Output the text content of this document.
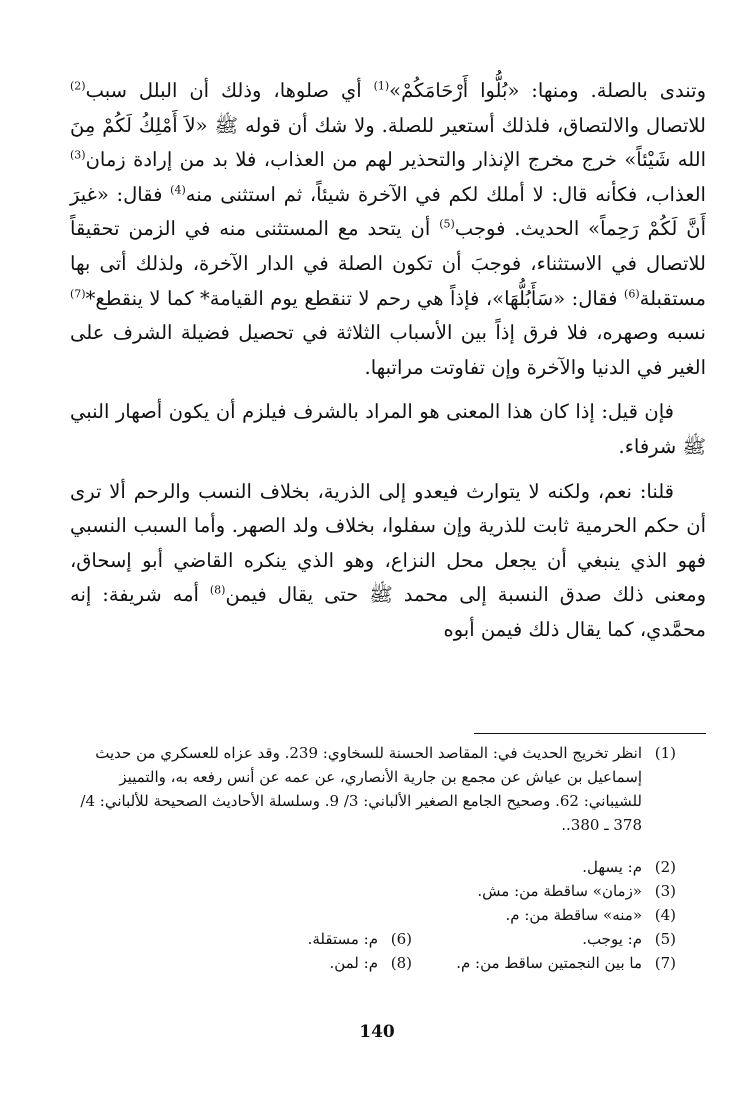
وتندى بالصلة. ومنها: «بُلُّوا أَرْحَامَكُمْ»$^{(1)}$ أي صلوها، وذلك أن البلل سبب$^{(2)}$ للاتصال والالتصاق، فلذلك أستعير للصلة. ولا شك أن قوله ﷺ «لاَ أَمْلِكُ لَكُمْ مِنَ الله شَيْئاً» خرج مخرج الإنذار والتحذير لهم من العذاب، فلا بد من إرادة زمان$^{(3)}$ العذاب، فكأنه قال: لا أملك لكم في الآخرة شيئاً، ثم استثنى منه$^{(4)}$ فقال: «غيرَ أَنَّ لَكُمْ رَحِماً» الحديث. فوجب$^{(5)}$ أن يتحد مع المستثنى منه في الزمن تحقيقاً للاتصال في الاستثناء، فوجبَ أن تكون الصلة في الدار الآخرة، ولذلك أتى بها مستقبلة$^{(6)}$ فقال: «سَأَبُلُّهَا»، فإذاً هي رحم لا تنقطع يوم القيامة* كما لا ينقطع*$^{(7)}$ نسبه وصهره، فلا فرق إذاً بين الأسباب الثلاثة في تحصيل فضيلة الشرف على الغير في الدنيا والآخرة وإن تفاوتت مراتبها.

فإن قيل: إذا كان هذا المعنى هو المراد بالشرف فيلزم أن يكون أصهار النبي ﷺ شرفاء.

قلنا: نعم، ولكنه لا يتوارث فيعدو إلى الذرية، بخلاف النسب والرحم ألا ترى أن حكم الحرمية ثابت للذرية وإن سفلوا، بخلاف ولد الصهر. وأما السبب النسبي فهو الذي ينبغي أن يجعل محل النزاع، وهو الذي ينكره القاضي أبو إسحاق، ومعنى ذلك صدق النسبة إلى محمد ﷺ حتى يقال فيمن$^{(8)}$ أمه شريفة: إنه محمَّدي، كما يقال ذلك فيمن أبوه

(1)
انظر تخريج الحديث في: المقاصد الحسنة للسخاوي: 239. وقد عزاه للعسكري من حديث إسماعيل بن عياش عن مجمع بن جارية الأنصاري، عن عمه عن أنس رفعه به، والتمييز للشيباني: 62. وصحيح الجامع الصغير الألباني: 3/ 9. وسلسلة الأحاديث الصحيحة للألباني: 4/ 378 ـ 380..
(2)
م: يسهل.
(3)
«زمان» ساقطة من: مش.
(4)
«منه» ساقطة من: م.
(5)
م: يوجب.
(6)
م: مستقلة.
(7)
ما بين النجمتين ساقط من: م.
(8)
م: لمن.
140
